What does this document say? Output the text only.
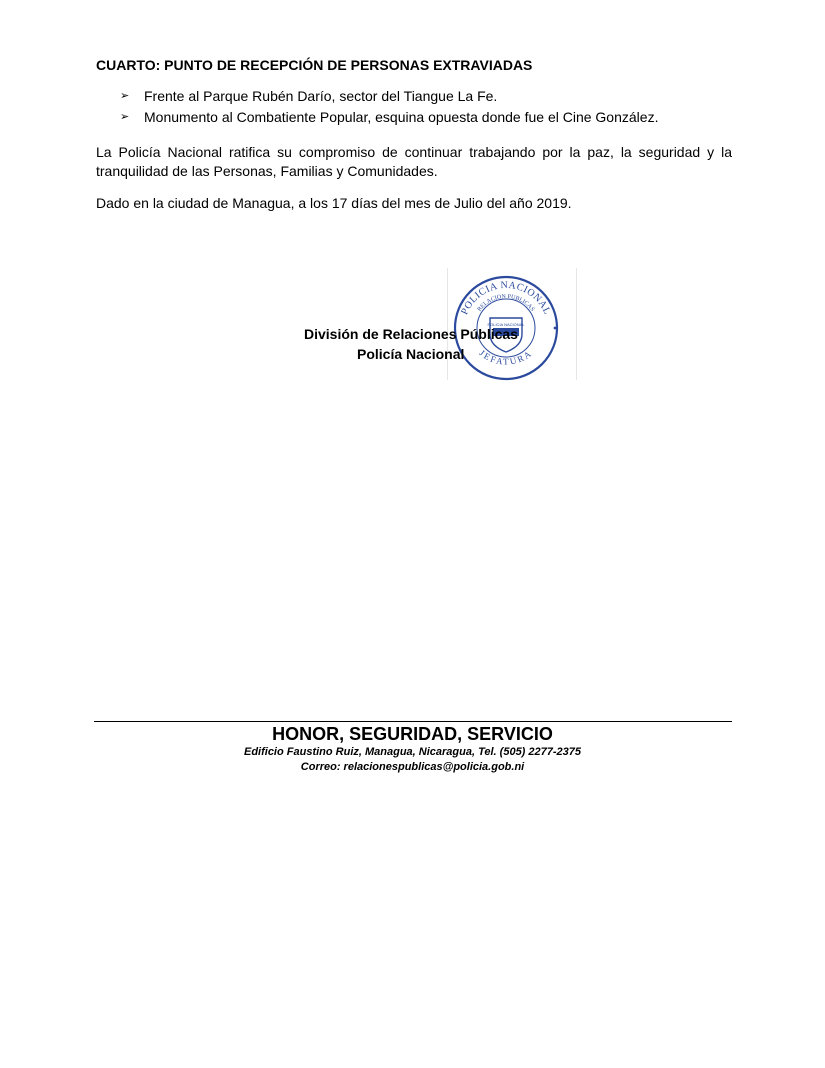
CUARTO: PUNTO DE RECEPCIÓN DE PERSONAS EXTRAVIADAS
➢	Frente al Parque Rubén Darío, sector del Tiangue La Fe.
➢	Monumento al Combatiente Popular, esquina opuesta donde fue el Cine González.

La Policía Nacional ratifica su compromiso de continuar trabajando por la paz, la seguridad y la tranquilidad de las Personas, Familias y Comunidades.

Dado en la ciudad de Managua, a los 17 días del mes de Julio del año 2019.

POLICIA NACIONAL
RELACION PUBLICAS
JEFATURA
POLICIA NACIONAL
División de Relaciones Públicas
Policía Nacional
HONOR, SEGURIDAD, SERVICIO
Edificio Faustino Ruiz, Managua, Nicaragua, Tel. (505) 2277-2375
Correo: relacionespublicas@policia.gob.ni
